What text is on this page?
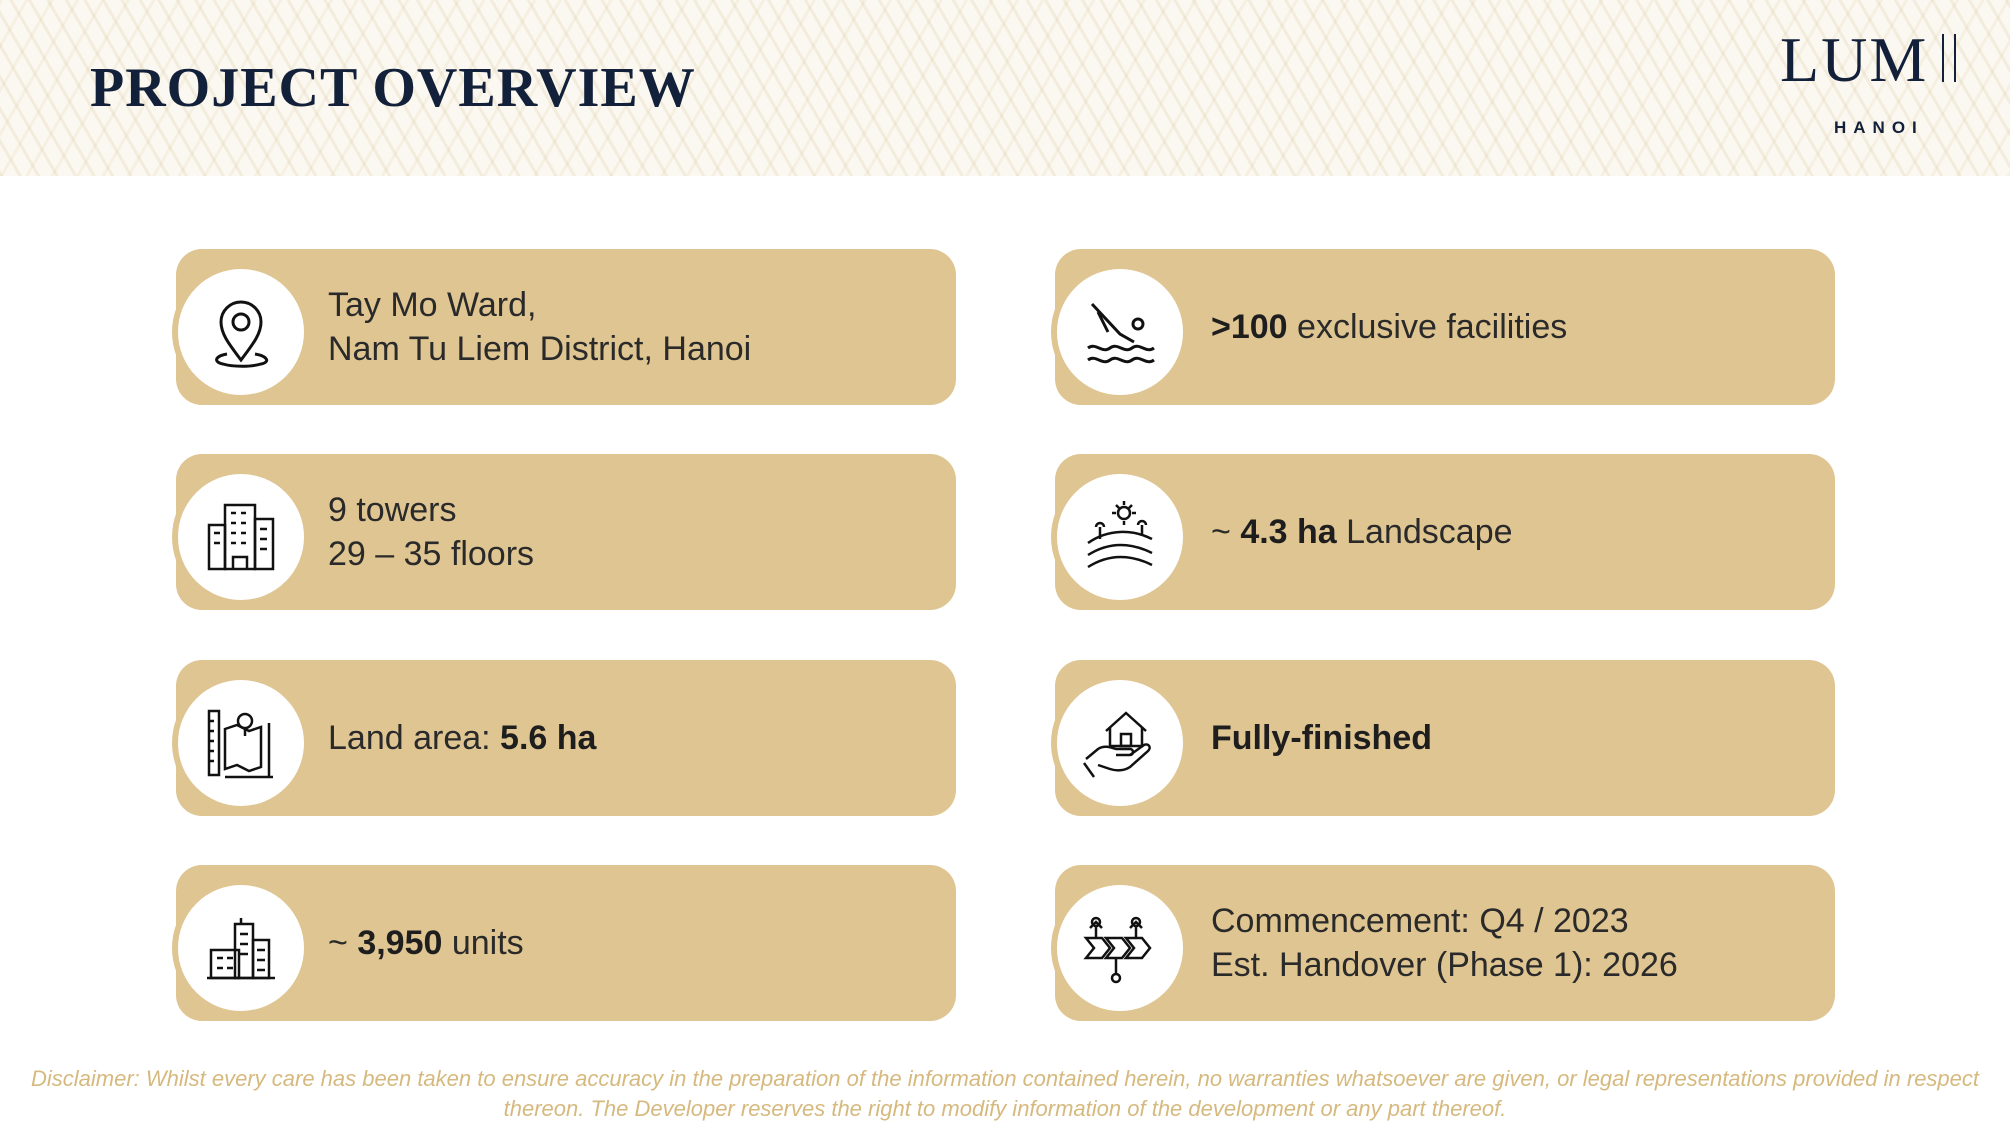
PROJECT OVERVIEW	LUM
HANOI
Tay Mo Ward,
Nam Tu Liem District, Hanoi
9 towers
29 – 35 floors
Land area: 5.6 ha
~ 3,950 units
>100 exclusive facilities
~ 4.3 ha Landscape
Fully-finished
Commencement: Q4 / 2023
Est. Handover (Phase 1): 2026
Disclaimer: Whilst every care has been taken to ensure accuracy in the preparation of the information contained herein, no warranties whatsoever are given, or legal representations provided in respect
thereon. The Developer reserves the right to modify information of the development or any part thereof.
